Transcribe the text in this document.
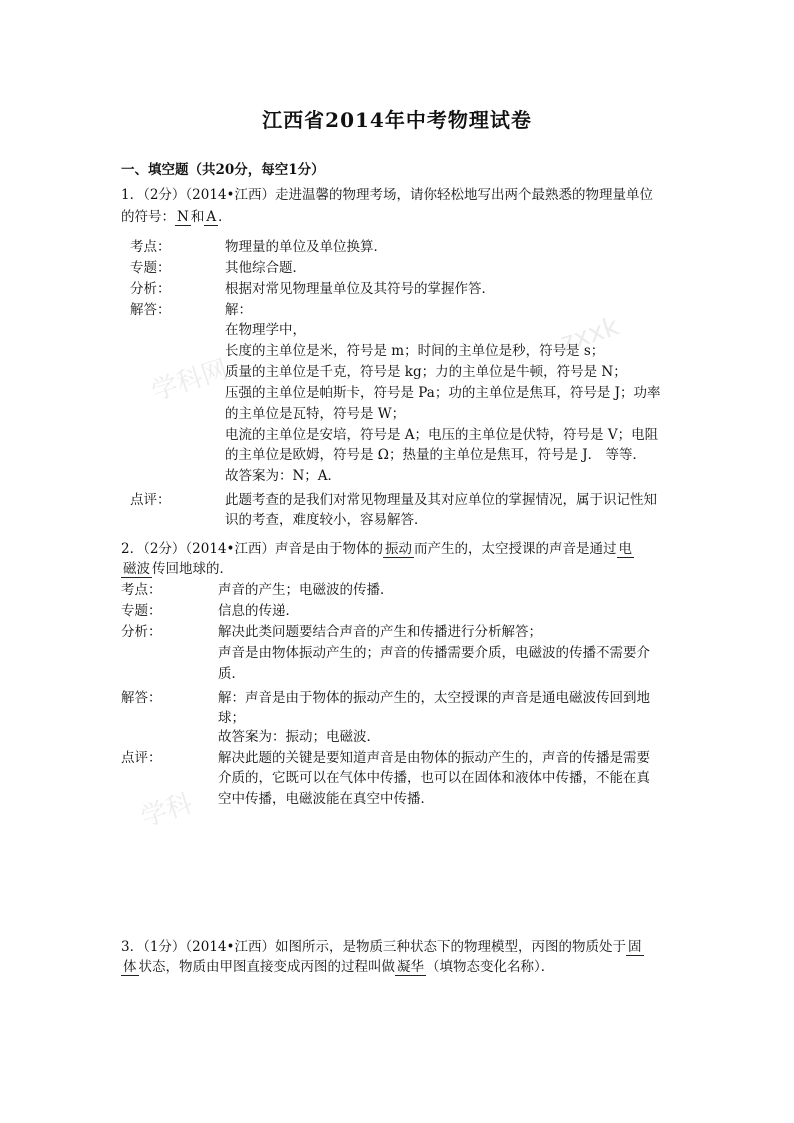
学科网
zxxk
学科
江西省2014年中考物理试卷
一、填空题（共20分，每空1分）
1．（2分）（2014•江西）走进温馨的物理考场，请你轻松地写出两个最熟悉的物理量单位
的符号： N 和 A ．
考点：	物理量的单位及单位换算．
专题：	其他综合题．
分析：	根据对常见物理量单位及其符号的掌握作答．
解答：	解：
在物理学中，
长度的主单位是米，符号是 m；时间的主单位是秒，符号是 s；
质量的主单位是千克，符号是 kg；力的主单位是牛顿，符号是 N；
压强的主单位是帕斯卡，符号是 Pa；功的主单位是焦耳，符号是 J；功率
的主单位是瓦特，符号是 W；
电流的主单位是安培，符号是 A；电压的主单位是伏特，符号是 V；电阻
的主单位是欧姆，符号是 Ω；热量的主单位是焦耳，符号是 J． 等等．
故答案为：N；A．
点评：	此题考查的是我们对常见物理量及其对应单位的掌握情况，属于识记性知
识的考查，难度较小，容易解答．
2．（2分）（2014•江西）声音是由于物体的 振动 而产生的，太空授课的声音是通过 电
磁波 传回地球的．
考点：	声音的产生；电磁波的传播．
专题：	信息的传递．
分析：	解决此类问题要结合声音的产生和传播进行分析解答；
声音是由物体振动产生的；声音的传播需要介质，电磁波的传播不需要介
质．
解答：	解：声音是由于物体的振动产生的，太空授课的声音是通电磁波传回到地
球；
故答案为：振动；电磁波．
点评：	解决此题的关键是要知道声音是由物体的振动产生的，声音的传播是需要
介质的，它既可以在气体中传播，也可以在固体和液体中传播，不能在真
空中传播，电磁波能在真空中传播．
3．（1分）（2014•江西）如图所示，是物质三种状态下的物理模型，丙图的物质处于 固
体 状态，物质由甲图直接变成丙图的过程叫做 凝华 （填物态变化名称）．
